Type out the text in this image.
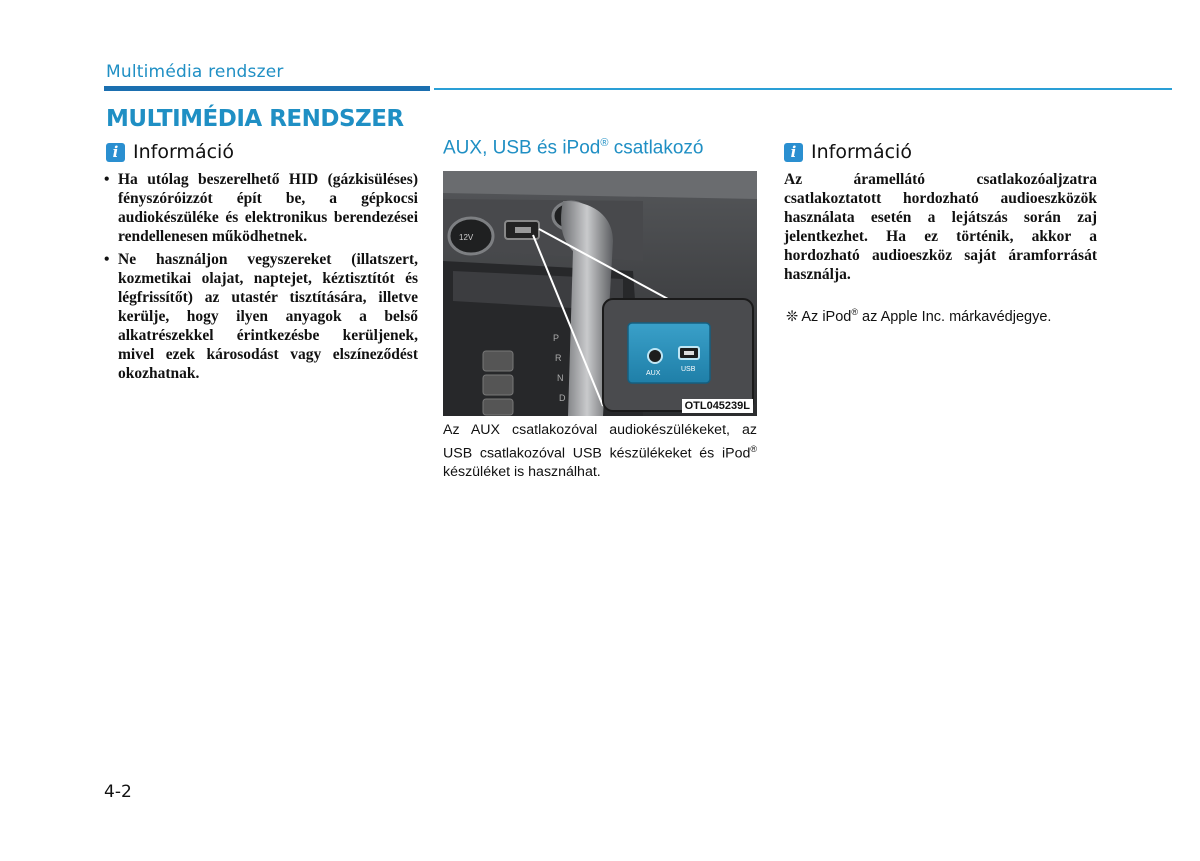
Multimédia rendszer
MULTIMÉDIA RENDSZER
i Információ
• Ha utólag beszerelhető HID (gázkisüléses) fényszóróizzót épít be, a gépkocsi audiokészüléke és elektronikus berendezései rendellenesen működhetnek.
• Ne használjon vegyszereket (illatszert, kozmetikai olajat, naptejet, kéztisztítót és légfrissítőt) az utastér tisztítására, illetve kerülje, hogy ilyen anyagok a belső alkatrészekkel érintkezésbe kerüljenek, mivel ezek károsodást vagy elszíneződést okozhatnak.
AUX, USB és iPod® csatlakozó
12V
P
R
N
D
AUX
USB
OTL045239L
Az AUX csatlakozóval audiokészülékeket, az USB csatlakozóval USB készülékeket és iPod® készüléket is használhat.
i Információ

Az áramellátó csatlakozóaljzatra csatlakoztatott hordozható audioeszközök használata esetén a lejátszás során zaj jelentkezhet. Ha ez történik, akkor a hordozható audioeszköz saját áramforrását használja.

❊ Az iPod® az Apple Inc. márkavédjegye.
4-2
